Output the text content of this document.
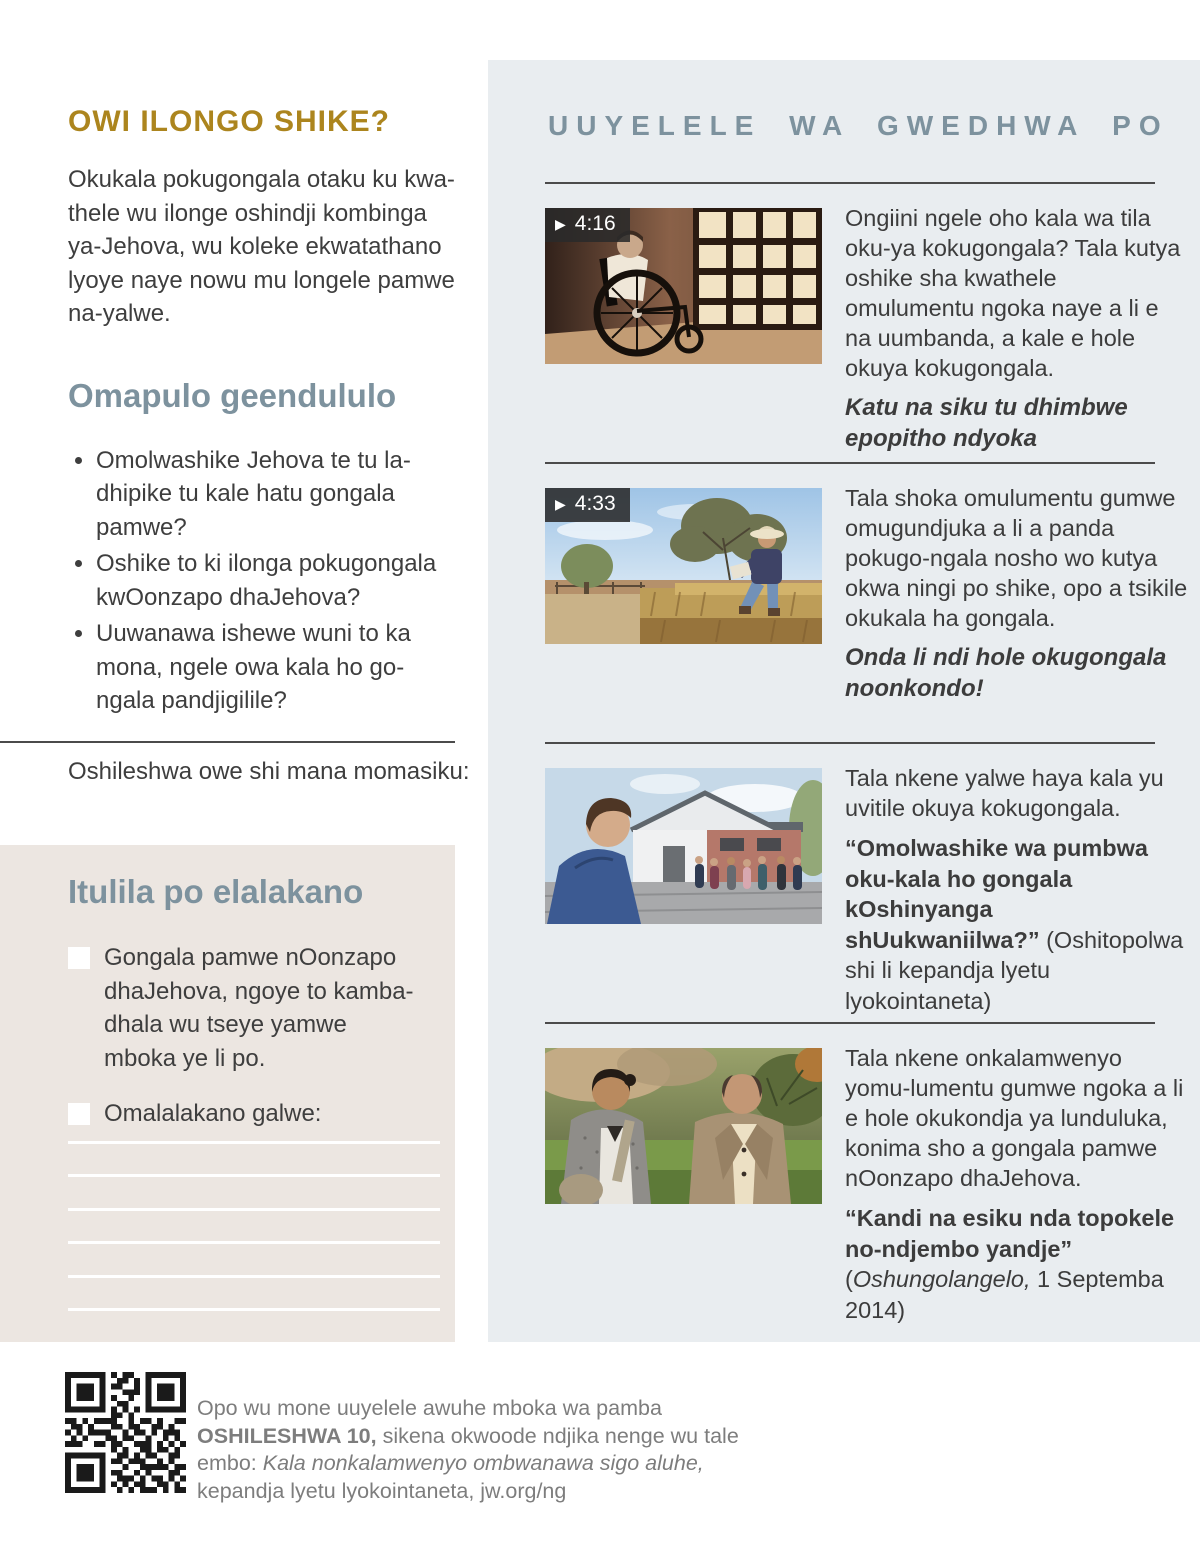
OWI ILONGO SHIKE?

Okukala pokugongala otaku ku kwa-thele wu ilonge oshindji kombinga ya-Jehova, wu koleke ekwatathano lyoye naye nowu mu longele pamwe na-yalwe.

Omapulo geendululo
• Omolwashike Jehova te tu la-dhipike tu kale hatu gongala pamwe?
• Oshike to ki ilonga pokugongala kwOonzapo dhaJehova?
• Uuwanawa ishewe wuni to ka mona, ngele owa kala ho go-ngala pandjigilile?

Oshileshwa owe shi mana momasiku:

Itulila po elalakano

Gongala pamwe nOonzapo dhaJehova, ngoye to kamba-dhala wu tseye yamwe mboka ye li po.

Omalalakano galwe:

UUYELELE WA GWEDHWA PO
▶ 4:16	Ongiini ngele oho kala wa tila oku-ya kokugongala? Tala kutya oshike sha kwathele omulumentu ngoka naye a li e na uumbanda, a kale e hole okuya kokugongala.

Katu na siku tu dhimbwe epopitho ndyoka

▶ 4:33	Tala shoka omulumentu gumwe omugundjuka a li a panda pokugo-ngala nosho wo kutya okwa ningi po shike, opo a tsikile okukala ha gongala.

Onda li ndi hole okugongala noonkondo!

Tala nkene yalwe haya kala yu uvitile okuya kokugongala.

“Omolwashike wa pumbwa oku-kala ho gongala kOshinyanga shUukwaniilwa?” (Oshitopolwa shi li kepandja lyetu lyokointaneta)

Tala nkene onkalamwenyo yomu-lumentu gumwe ngoka a li e hole okukondja ya lunduluka, konima sho a gongala pamwe nOonzapo dhaJehova.

“Kandi na esiku nda topokele no-ndjembo yandje” (Oshungolangelo, 1 Septemba 2014)

Opo wu mone uuyelele awuhe mboka wa pamba OSHILESHWA 10, sikena okwoode ndjika nenge wu tale embo: Kala nonkalamwenyo ombwanawa sigo aluhe, kepandja lyetu lyokointaneta, jw.org/ng
